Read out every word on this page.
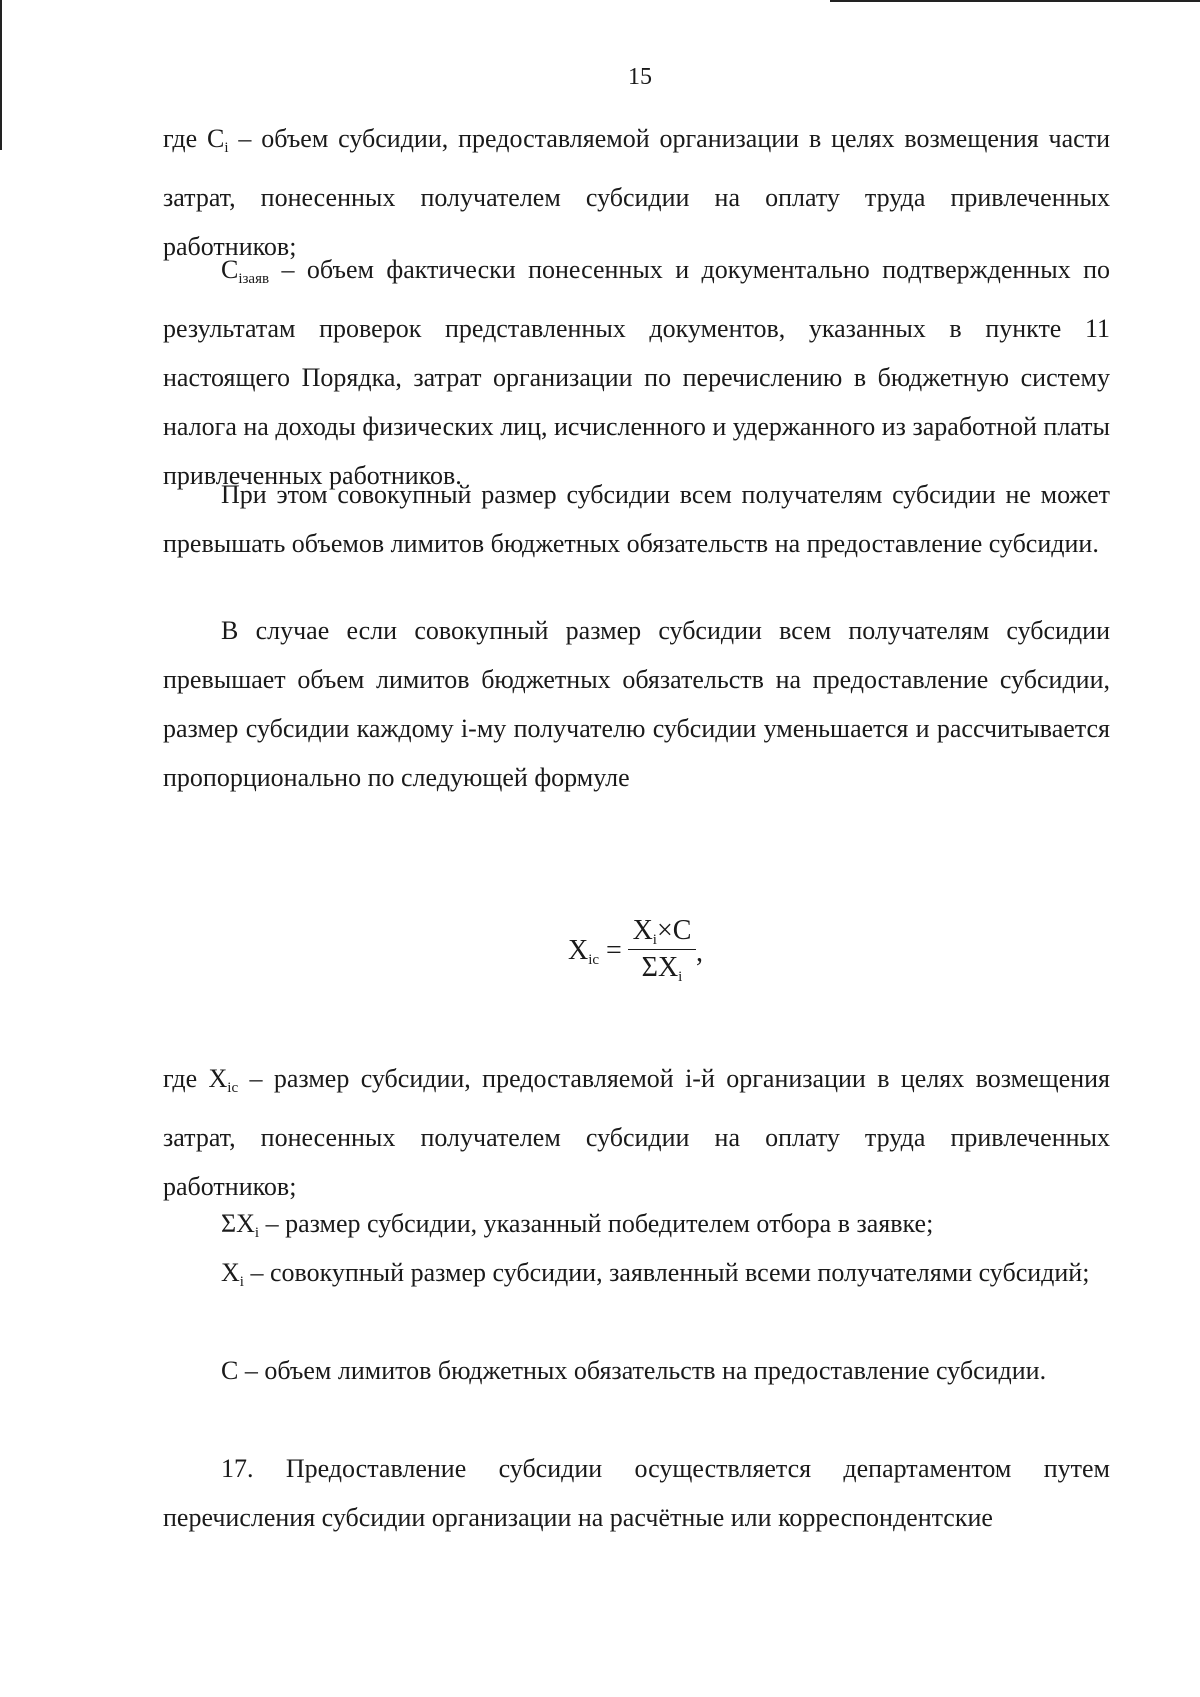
15

где $С_i$ – объем субсидии, предоставляемой организации в целях возмещения части затрат, понесенных получателем субсидии на оплату труда привлеченных работников;

$С_{iзаяв}$ – объем фактически понесенных и документально подтвержденных по результатам проверок представленных документов, указанных в пункте 11 настоящего Порядка, затрат организации по перечислению в бюджетную систему налога на доходы физических лиц, исчисленного и удержанного из заработной платы привлеченных работников.

При этом совокупный размер субсидии всем получателям субсидии не может превышать объемов лимитов бюджетных обязательств на предоставление субсидии.

В случае если совокупный размер субсидии всем получателям субсидии превышает объем лимитов бюджетных обязательств на предоставление субсидии, размер субсидии каждому i-му получателю субсидии уменьшается и рассчитывается пропорционально по следующей формуле

$X_{ic}$ =
$X_i\times C$
$\Sigma X_i$
,

где $X_{ic}$ – размер субсидии, предоставляемой i-й организации в целях возмещения затрат, понесенных получателем субсидии на оплату труда привлеченных работников;

$\Sigma X_i$ – размер субсидии, указанный победителем отбора в заявке;

$X_i$ – совокупный размер субсидии, заявленный всеми получателями субсидий;

С – объем лимитов бюджетных обязательств на предоставление субсидии.

17. Предоставление субсидии осуществляется департаментом путем перечисления субсидии организации на расчётные или корреспондентские
